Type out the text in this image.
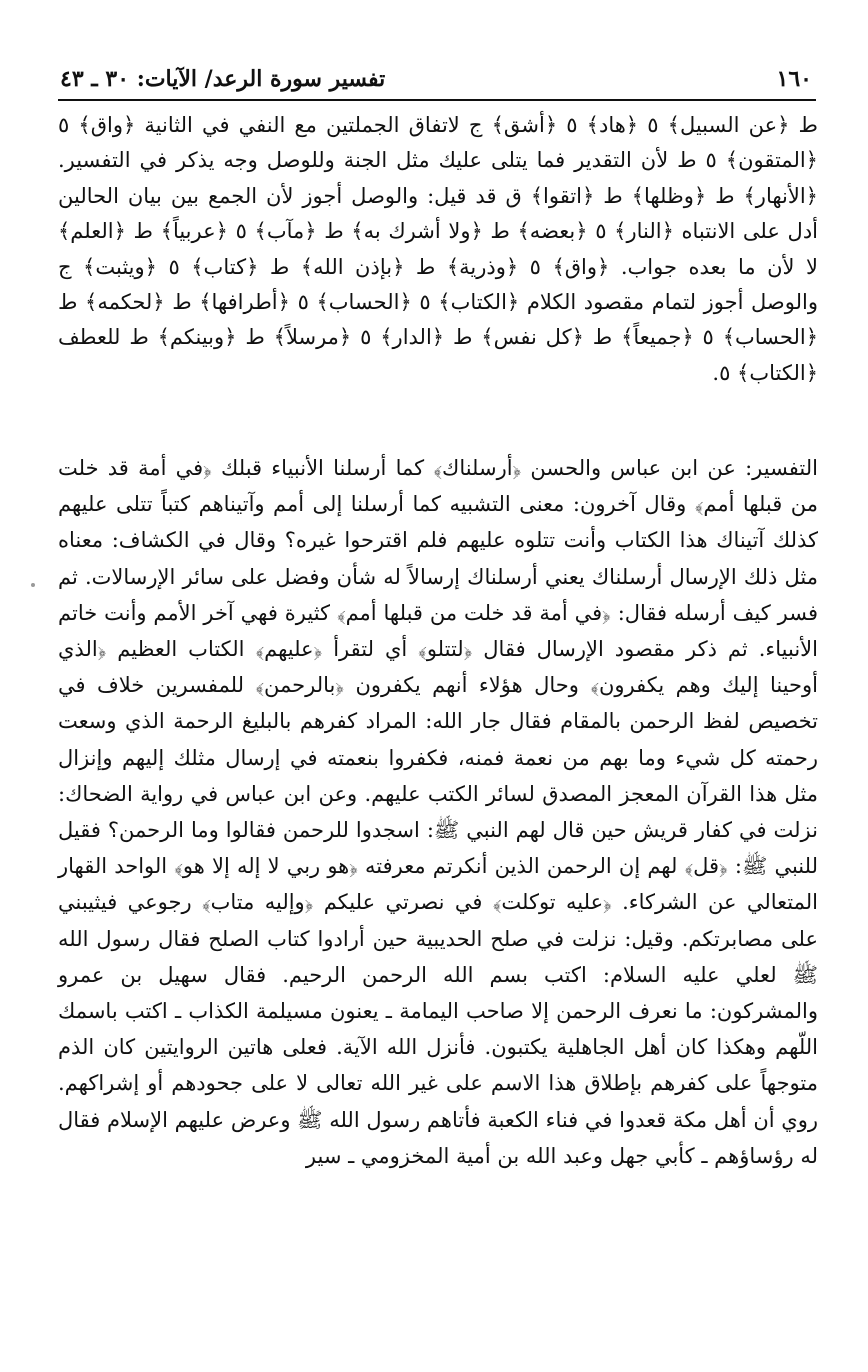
١٦٠
تفسير سورة الرعد/ الآيات: ٣٠ ـ ٤٣

ط ﴿عن السبيل﴾ ٥ ﴿هاد﴾ ٥ ﴿أشق﴾ ج لاتفاق الجملتين مع النفي في الثانية ﴿واق﴾ ٥ ﴿المتقون﴾ ٥ ط لأن التقدير فما يتلى عليك مثل الجنة وللوصل وجه يذكر في التفسير. ﴿الأنهار﴾ ط ﴿وظلها﴾ ط ﴿اتقوا﴾ ق قد قيل: والوصل أجوز لأن الجمع بين بيان الحالين أدل على الانتباه ﴿النار﴾ ٥ ﴿بعضه﴾ ط ﴿ولا أشرك به﴾ ط ﴿مآب﴾ ٥ ﴿عربياً﴾ ط ﴿العلم﴾ لا لأن ما بعده جواب. ﴿واق﴾ ٥ ﴿وذرية﴾ ط ﴿بإذن الله﴾ ط ﴿كتاب﴾ ٥ ﴿ويثبت﴾ ج والوصل أجوز لتمام مقصود الكلام ﴿الكتاب﴾ ٥ ﴿الحساب﴾ ٥ ﴿أطرافها﴾ ط ﴿لحكمه﴾ ط ﴿الحساب﴾ ٥ ﴿جميعاً﴾ ط ﴿كل نفس﴾ ط ﴿الدار﴾ ٥ ﴿مرسلاً﴾ ط ﴿وبينكم﴾ ط للعطف ﴿الكتاب﴾ ٥.

التفسير: عن ابن عباس والحسن ﴿أرسلناك﴾ كما أرسلنا الأنبياء قبلك ﴿في أمة قد خلت من قبلها أمم﴾ وقال آخرون: معنى التشبيه كما أرسلنا إلى أمم وآتيناهم كتباً تتلى عليهم كذلك آتيناك هذا الكتاب وأنت تتلوه عليهم فلم اقترحوا غيره؟ وقال في الكشاف: معناه مثل ذلك الإرسال أرسلناك يعني أرسلناك إرسالاً له شأن وفضل على سائر الإرسالات. ثم فسر كيف أرسله فقال: ﴿في أمة قد خلت من قبلها أمم﴾ كثيرة فهي آخر الأمم وأنت خاتم الأنبياء. ثم ذكر مقصود الإرسال فقال ﴿لتتلو﴾ أي لتقرأ ﴿عليهم﴾ الكتاب العظيم ﴿الذي أوحينا إليك وهم يكفرون﴾ وحال هؤلاء أنهم يكفرون ﴿بالرحمن﴾ للمفسرين خلاف في تخصيص لفظ الرحمن بالمقام فقال جار الله: المراد كفرهم بالبليغ الرحمة الذي وسعت رحمته كل شيء وما بهم من نعمة فمنه، فكفروا بنعمته في إرسال مثلك إليهم وإنزال مثل هذا القرآن المعجز المصدق لسائر الكتب عليهم. وعن ابن عباس في رواية الضحاك: نزلت في كفار قريش حين قال لهم النبي ﷺ: اسجدوا للرحمن فقالوا وما الرحمن؟ فقيل للنبي ﷺ: ﴿قل﴾ لهم إن الرحمن الذين أنكرتم معرفته ﴿هو ربي لا إله إلا هو﴾ الواحد القهار المتعالي عن الشركاء. ﴿عليه توكلت﴾ في نصرتي عليكم ﴿وإليه متاب﴾ رجوعي فيثيبني على مصابرتكم. وقيل: نزلت في صلح الحديبية حين أرادوا كتاب الصلح فقال رسول الله ﷺ لعلي عليه السلام: اكتب بسم الله الرحمن الرحيم. فقال سهيل بن عمرو والمشركون: ما نعرف الرحمن إلا صاحب اليمامة ـ يعنون مسيلمة الكذاب ـ اكتب باسمك اللّهم وهكذا كان أهل الجاهلية يكتبون. فأنزل الله الآية. فعلى هاتين الروايتين كان الذم متوجهاً على كفرهم بإطلاق هذا الاسم على غير الله تعالى لا على جحودهم أو إشراكهم. روي أن أهل مكة قعدوا في فناء الكعبة فأتاهم رسول الله ﷺ وعرض عليهم الإسلام فقال له رؤساؤهم ـ كأبي جهل وعبد الله بن أمية المخزومي ـ سير
